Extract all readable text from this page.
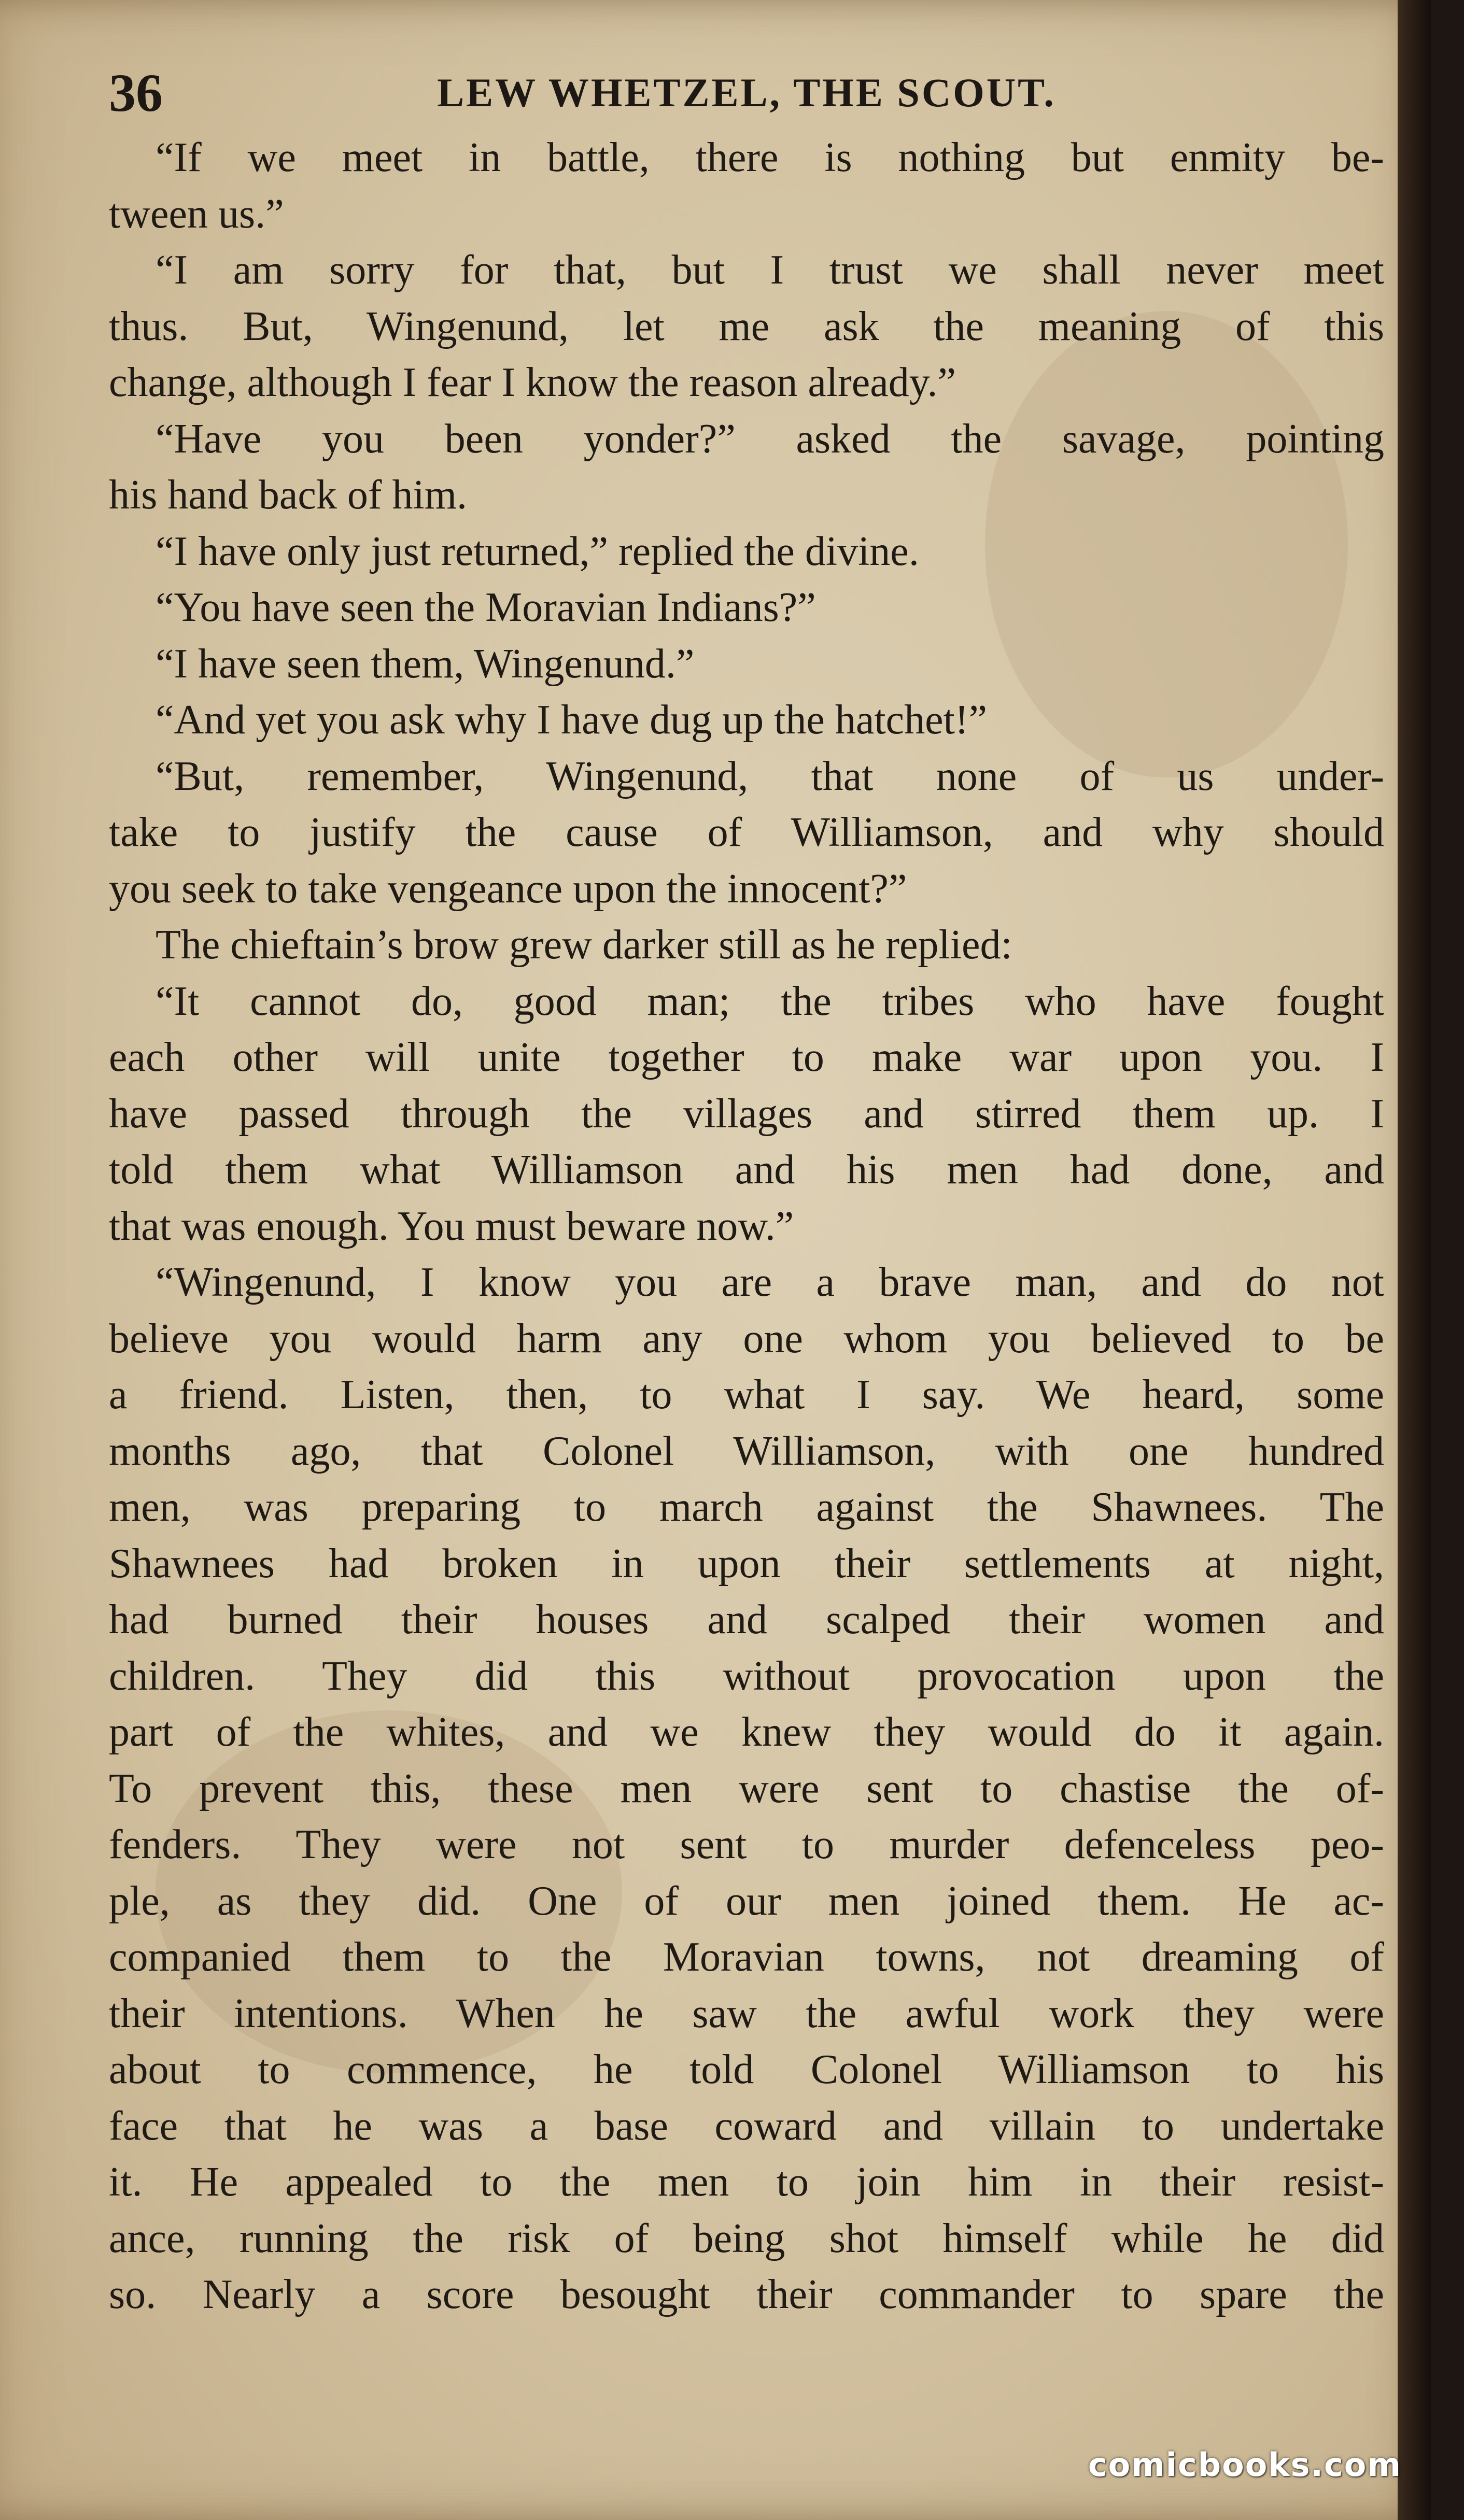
36	LEW WHETZEL, THE SCOUT.
“If we meet in battle, there is nothing but enmity be-
tween us.”
“I am sorry for that, but I trust we shall never meet
thus. But, Wingenund, let me ask the meaning of this
change, although I fear I know the reason already.”
“Have you been yonder?” asked the savage, pointing
his hand back of him.
“I have only just returned,” replied the divine.
“You have seen the Moravian Indians?”
“I have seen them, Wingenund.”
“And yet you ask why I have dug up the hatchet!”
“But, remember, Wingenund, that none of us under-
take to justify the cause of Williamson, and why should
you seek to take vengeance upon the innocent?”
The chieftain’s brow grew darker still as he replied:
“It cannot do, good man; the tribes who have fought
each other will unite together to make war upon you. I
have passed through the villages and stirred them up. I
told them what Williamson and his men had done, and
that was enough. You must beware now.”
“Wingenund, I know you are a brave man, and do not
believe you would harm any one whom you believed to be
a friend. Listen, then, to what I say. We heard, some
months ago, that Colonel Williamson, with one hundred
men, was preparing to march against the Shawnees. The
Shawnees had broken in upon their settlements at night,
had burned their houses and scalped their women and
children. They did this without provocation upon the
part of the whites, and we knew they would do it again.
To prevent this, these men were sent to chastise the of-
fenders. They were not sent to murder defenceless peo-
ple, as they did. One of our men joined them. He ac-
companied them to the Moravian towns, not dreaming of
their intentions. When he saw the awful work they were
about to commence, he told Colonel Williamson to his
face that he was a base coward and villain to undertake
it. He appealed to the men to join him in their resist-
ance, running the risk of being shot himself while he did
so. Nearly a score besought their commander to spare the
comicbooks.com
